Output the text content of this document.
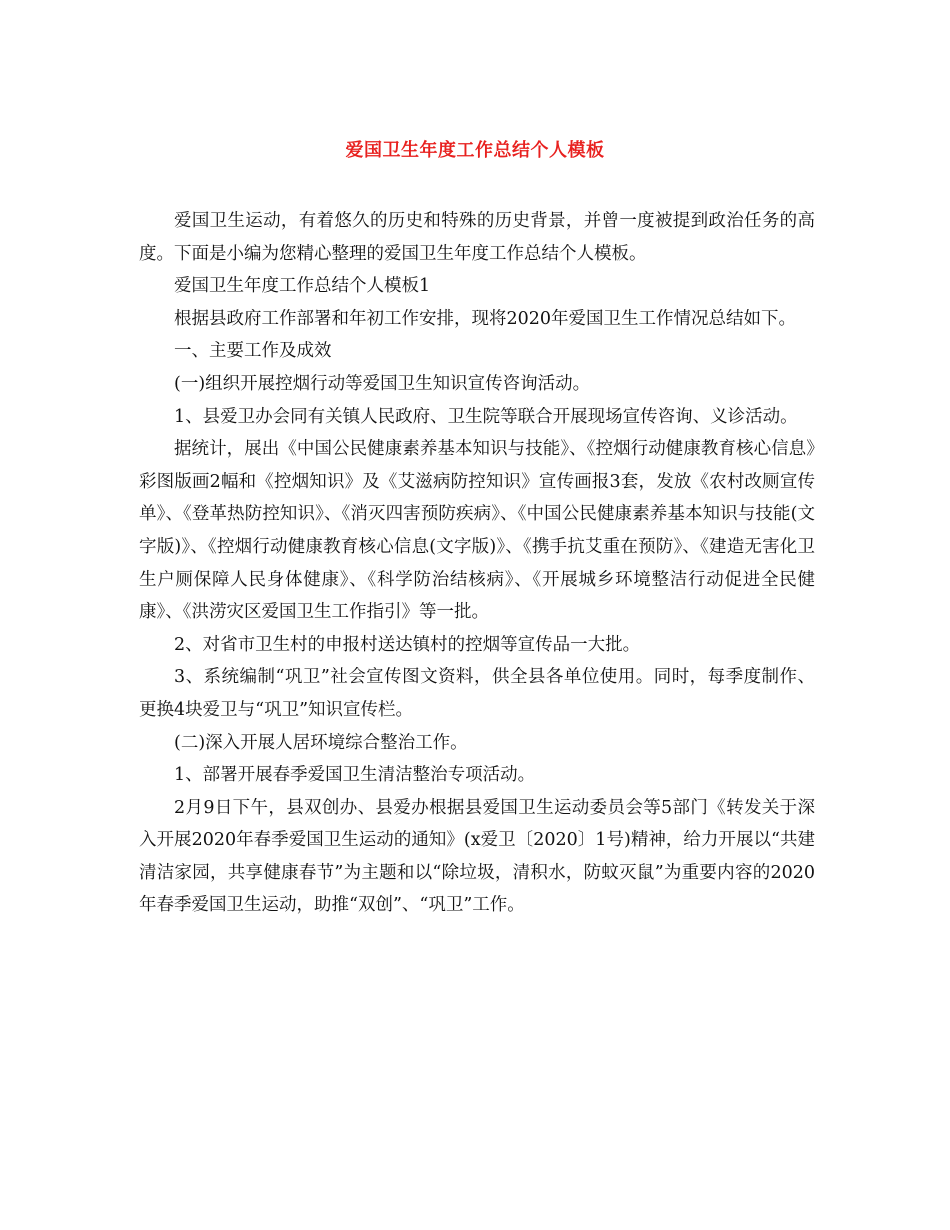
爱国卫生年度工作总结个人模板

爱国卫生运动，有着悠久的历史和特殊的历史背景，并曾一度被提到政治任务的高度。下面是小编为您精心整理的爱国卫生年度工作总结个人模板。

爱国卫生年度工作总结个人模板1

根据县政府工作部署和年初工作安排，现将2020年爱国卫生工作情况总结如下。

一、主要工作及成效

(一)组织开展控烟行动等爱国卫生知识宣传咨询活动。

1、县爱卫办会同有关镇人民政府、卫生院等联合开展现场宣传咨询、义诊活动。

据统计，展出《中国公民健康素养基本知识与技能》、《控烟行动健康教育核心信息》彩图版画2幅和《控烟知识》及《艾滋病防控知识》宣传画报3套，发放《农村改厕宣传单》、《登革热防控知识》、《消灭四害预防疾病》、《中国公民健康素养基本知识与技能(文字版)》、《控烟行动健康教育核心信息(文字版)》、《携手抗艾重在预防》、《建造无害化卫生户厕保障人民身体健康》、《科学防治结核病》、《开展城乡环境整洁行动促进全民健康》、《洪涝灾区爱国卫生工作指引》等一批。

2、对省市卫生村的申报村送达镇村的控烟等宣传品一大批。

3、系统编制“巩卫”社会宣传图文资料，供全县各单位使用。同时，每季度制作、更换4块爱卫与“巩卫”知识宣传栏。

(二)深入开展人居环境综合整治工作。

1、部署开展春季爱国卫生清洁整治专项活动。

2月9日下午，县双创办、县爱办根据县爱国卫生运动委员会等5部门《转发关于深入开展2020年春季爱国卫生运动的通知》(x爱卫〔2020〕1号)精神，给力开展以“共建清洁家园，共享健康春节”为主题和以“除垃圾，清积水，防蚊灭鼠”为重要内容的2020年春季爱国卫生运动，助推“双创”、“巩卫”工作。
